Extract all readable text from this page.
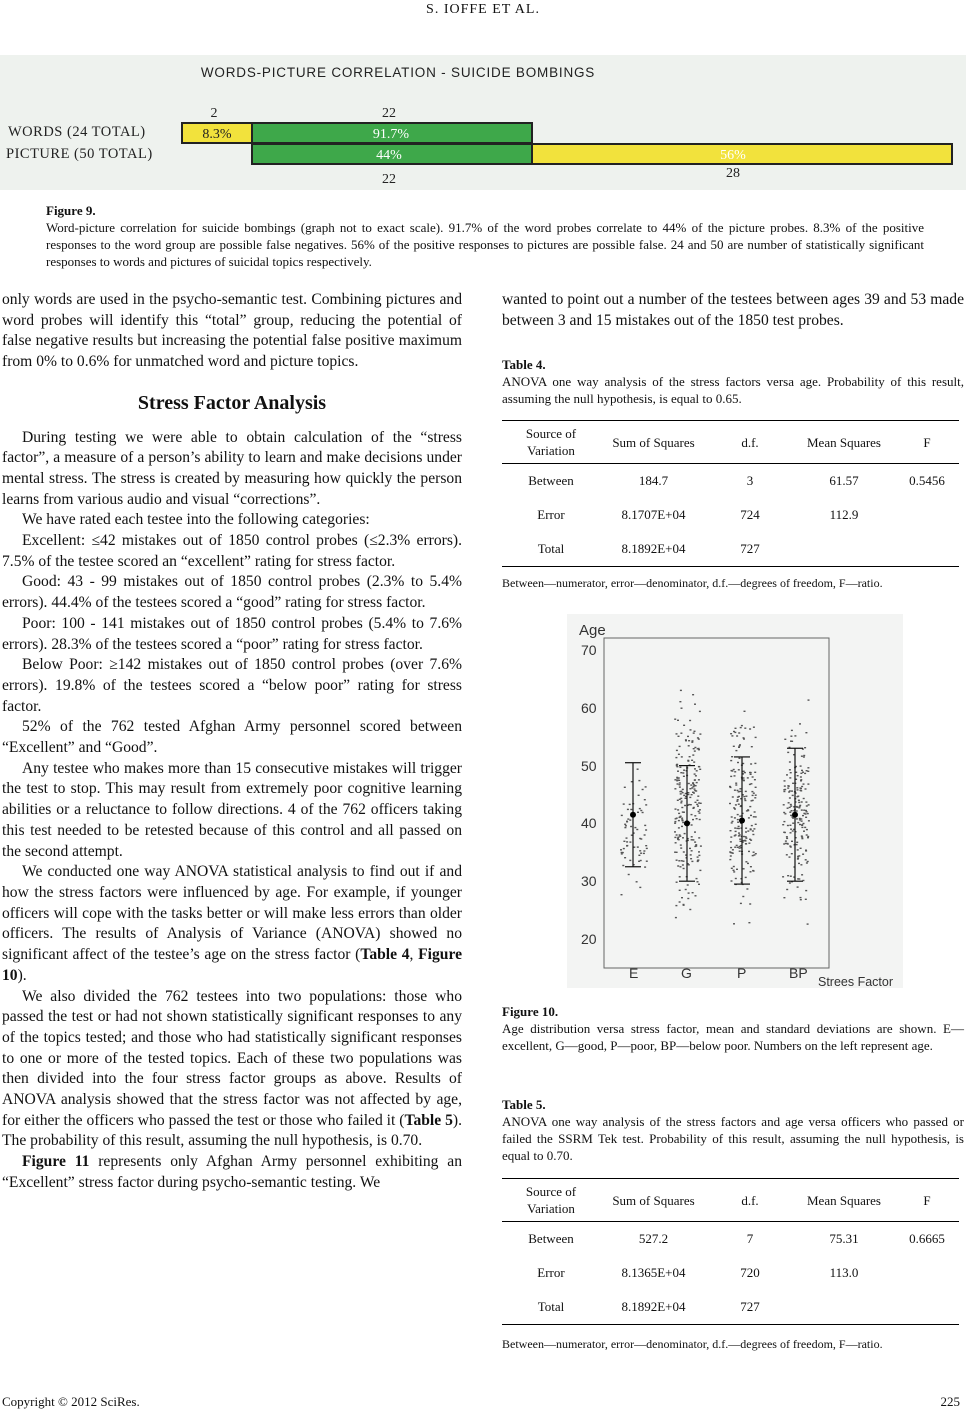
S. IOFFE ET AL.
WORDS-PICTURE CORRELATION - SUICIDE BOMBINGS
WORDS (24 TOTAL)
PICTURE (50 TOTAL)
2	22
8.3%	91.7%
44%	56%
22	28
Figure 9.
Word-picture correlation for suicide bombings (graph not to exact scale). 91.7% of the word probes correlate to 44% of the picture probes. 8.3% of the positive responses to the word group are possible false negatives. 56% of the positive responses to pictures are possible false. 24 and 50 are number of statistically significant responses to words and pictures of suicidal topics respectively.

only words are used in the psycho-semantic test. Combining pictures and word probes will identify this “total” group, reducing the potential of false negative results but increasing the potential false positive maximum from 0% to 0.6% for unmatched word and picture topics.

Stress Factor Analysis

During testing we were able to obtain calculation of the “stress factor”, a measure of a person’s ability to learn and make decisions under mental stress. The stress is created by measuring how quickly the person learns from various audio and visual “corrections”.

We have rated each testee into the following categories:

Excellent: ≤42 mistakes out of 1850 control probes (≤2.3% errors). 7.5% of the testee scored an “excellent” rating for stress factor.

Good: 43 - 99 mistakes out of 1850 control probes (2.3% to 5.4% errors). 44.4% of the testees scored a “good” rating for stress factor.

Poor: 100 - 141 mistakes out of 1850 control probes (5.4% to 7.6% errors). 28.3% of the testees scored a “poor” rating for stress factor.

Below Poor: ≥142 mistakes out of 1850 control probes (over 7.6% errors). 19.8% of the testees scored a “below poor” rating for stress factor.

52% of the 762 tested Afghan Army personnel scored between “Excellent” and “Good”.

Any testee who makes more than 15 consecutive mistakes will trigger the test to stop. This may result from extremely poor cognitive learning abilities or a reluctance to follow directions. 4 of the 762 officers taking this test needed to be retested because of this control and all passed on the second attempt.

We conducted one way ANOVA statistical analysis to find out if and how the stress factors were influenced by age. For example, if younger officers will cope with the tasks better or will make less errors than older officers. The results of Analysis of Variance (ANOVA) showed no significant affect of the testee’s age on the stress factor (Table 4, Figure 10).

We also divided the 762 testees into two populations: those who passed the test or had not shown statistically significant responses to any of the topics tested; and those who had statistically significant responses to one or more of the tested topics. Each of these two populations was then divided into the four stress factor groups as above. Results of ANOVA analysis showed that the stress factor was not affected by age, for either the officers who passed the test or those who failed it (Table 5). The probability of this result, assuming the null hypothesis, is 0.70.

Figure 11 represents only Afghan Army personnel exhibiting an “Excellent” stress factor during psycho-semantic testing. We

wanted to point out a number of the testees between ages 39 and 53 made between 3 and 15 mistakes out of the 1850 test probes.
Table 4.
ANOVA one way analysis of the stress factors versa age. Probability of this result, assuming the null hypothesis, is equal to 0.65.
Source of Variation	Sum of Squares	d.f.	Mean Squares	F
Between	184.7	3	61.57	0.5456
Error	8.1707E+04	724	112.9	
Total	8.1892E+04	727		
Between—numerator, error—denominator, d.f.—degrees of freedom, F—ratio.
Age
Strees Factor
70
60
50
40
30
20
E	G	P	BP
Figure 10.
Age distribution versa stress factor, mean and standard deviations are shown. E—excellent, G—good, P—poor, BP—below poor. Numbers on the left represent age.
Table 5.
ANOVA one way analysis of the stress factors and age versa officers who passed or failed the SSRM Tek test. Probability of this result, assuming the null hypothesis, is equal to 0.70.
Source of Variation	Sum of Squares	d.f.	Mean Squares	F
Between	527.2	7	75.31	0.6665
Error	8.1365E+04	720	113.0	
Total	8.1892E+04	727		
Between—numerator, error—denominator, d.f.—degrees of freedom, F—ratio.
Copyright © 2012 SciRes.	225
